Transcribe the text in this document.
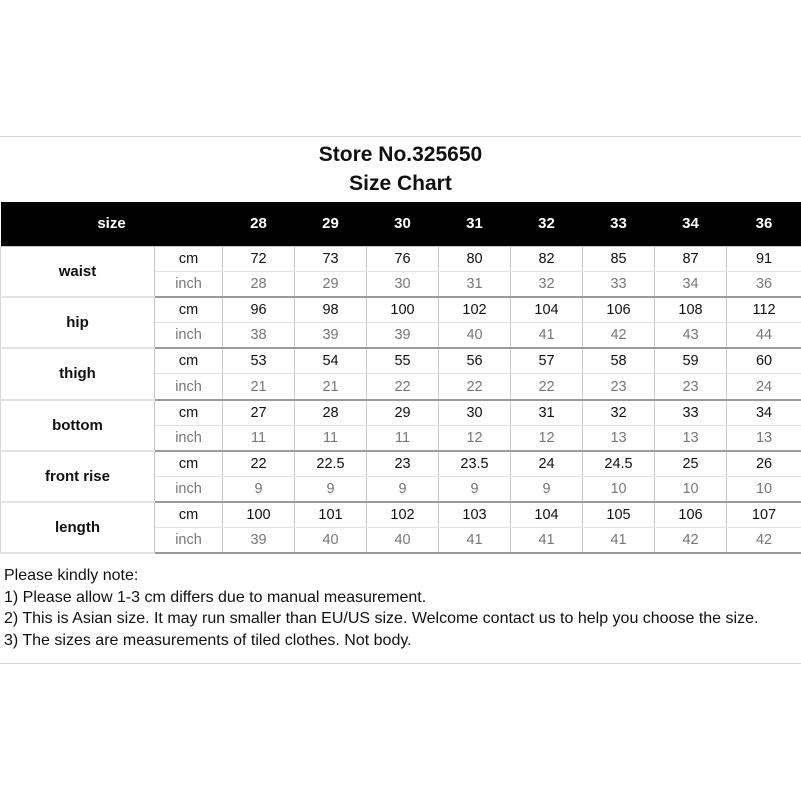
Store No.325650
Size Chart
size		28	29	30	31	32	33	34	36
waist	cm	72	73	76	80	82	85	87	91
	inch	28	29	30	31	32	33	34	36
hip	cm	96	98	100	102	104	106	108	112
	inch	38	39	39	40	41	42	43	44
thigh	cm	53	54	55	56	57	58	59	60
	inch	21	21	22	22	22	23	23	24
bottom	cm	27	28	29	30	31	32	33	34
	inch	11	11	11	12	12	13	13	13
front rise	cm	22	22.5	23	23.5	24	24.5	25	26
	inch	9	9	9	9	9	10	10	10
length	cm	100	101	102	103	104	105	106	107
	inch	39	40	40	41	41	41	42	42
Please kindly note:
1) Please allow 1-3 cm differs due to manual measurement.
2) This is Asian size. It may run smaller than EU/US size. Welcome contact us to help you choose the size.
3) The sizes are measurements of tiled clothes. Not body.
